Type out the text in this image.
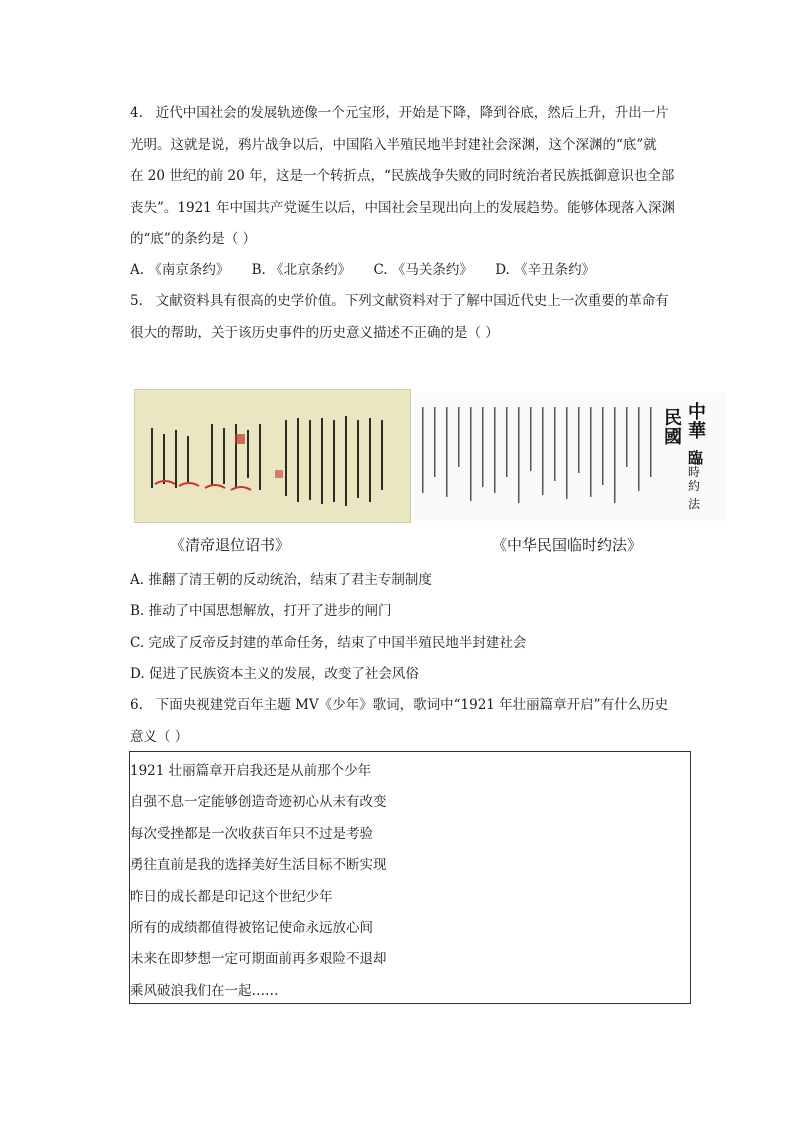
4. 近代中国社会的发展轨迹像一个元宝形，开始是下降，降到谷底，然后上升，升出一片

光明。这就是说，鸦片战争以后，中国陷入半殖民地半封建社会深渊，这个深渊的“底”就

在 20 世纪的前 20 年，这是一个转折点，“民族战争失败的同时统治者民族抵御意识也全部

丧失”。1921 年中国共产党诞生以后，中国社会呈现出向上的发展趋势。能够体现落入深渊

的“底”的条约是（ ）

A. 《南京条约》 B. 《北京条约》 C. 《马关条约》 D. 《辛丑条约》

5. 文献资料具有很高的史学价值。下列文献资料对于了解中国近代史上一次重要的革命有

很大的帮助，关于该历史事件的历史意义描述不正确的是（ ）

中華
民國
臨
時約
法
《清帝退位诏书》	《中华民国临时约法》
A. 推翻了清王朝的反动统治，结束了君主专制制度
B. 推动了中国思想解放，打开了进步的闸门
C. 完成了反帝反封建的革命任务，结束了中国半殖民地半封建社会
D. 促进了民族资本主义的发展，改变了社会风俗

6. 下面央视建党百年主题 MV《少年》歌词，歌词中“1921 年壮丽篇章开启”有什么历史

意义（ ）

1921 壮丽篇章开启我还是从前那个少年
自强不息一定能够创造奇迹初心从未有改变
每次受挫都是一次收获百年只不过是考验
勇往直前是我的选择美好生活目标不断实现
昨日的成长都是印记这个世纪少年
所有的成绩都值得被铭记使命永远放心间
未来在即梦想一定可期面前再多艰险不退却
乘风破浪我们在一起……
